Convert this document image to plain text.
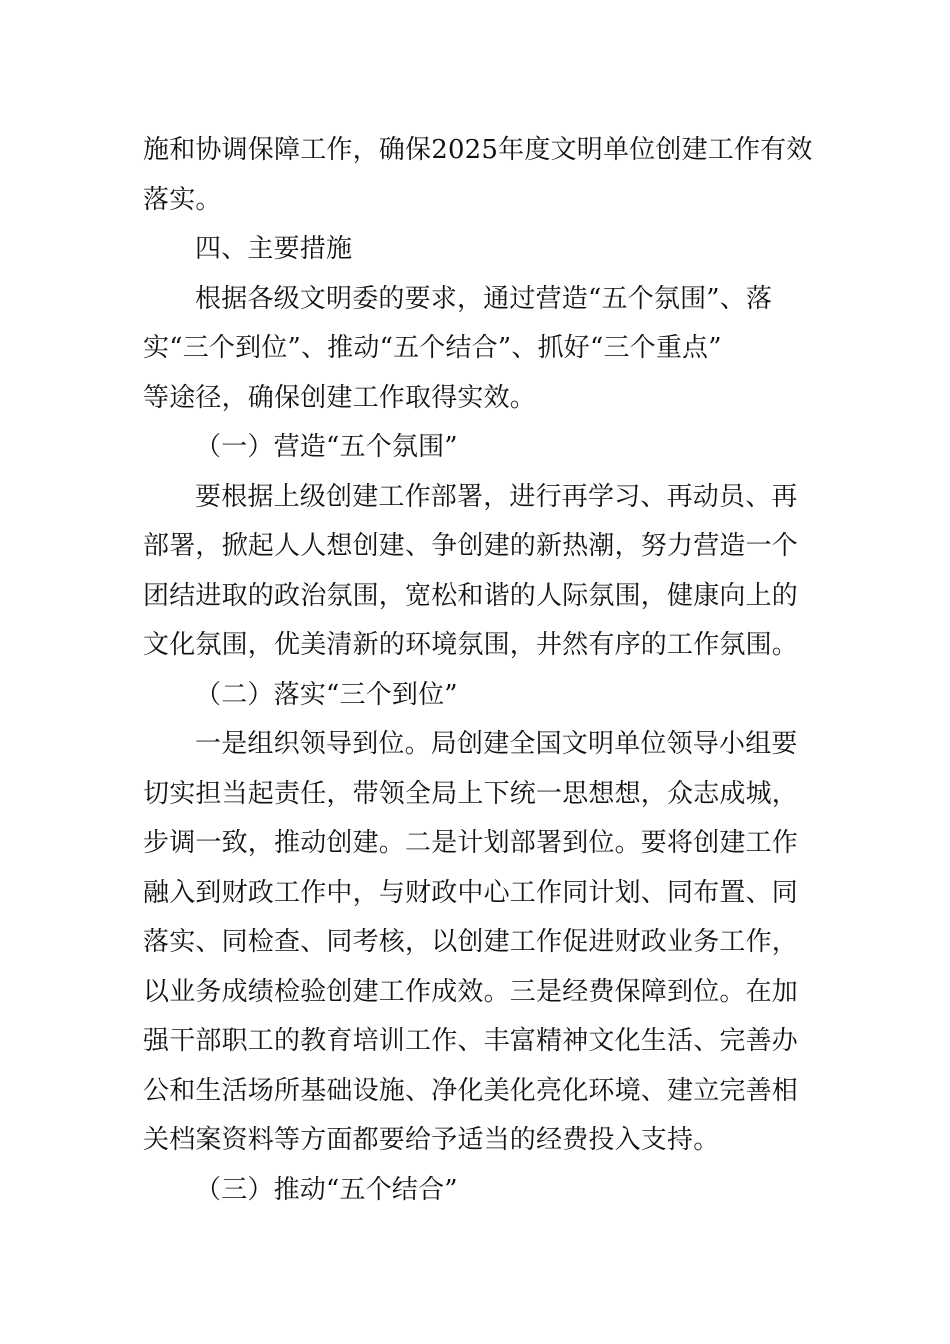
施和协调保障工作，确保2025年度文明单位创建工作有效
落实。
四、主要措施
根据各级文明委的要求，通过营造“五个氛围”、落
实“三个到位”、推动“五个结合”、抓好“三个重点”
等途径，确保创建工作取得实效。
（一）营造“五个氛围”
要根据上级创建工作部署，进行再学习、再动员、再
部署，掀起人人想创建、争创建的新热潮，努力营造一个
团结进取的政治氛围，宽松和谐的人际氛围，健康向上的
文化氛围，优美清新的环境氛围，井然有序的工作氛围。
（二）落实“三个到位”
一是组织领导到位。局创建全国文明单位领导小组要
切实担当起责任，带领全局上下统一思想想，众志成城，
步调一致，推动创建。二是计划部署到位。要将创建工作
融入到财政工作中，与财政中心工作同计划、同布置、同
落实、同检查、同考核，以创建工作促进财政业务工作，
以业务成绩检验创建工作成效。三是经费保障到位。在加
强干部职工的教育培训工作、丰富精神文化生活、完善办
公和生活场所基础设施、净化美化亮化环境、建立完善相
关档案资料等方面都要给予适当的经费投入支持。
（三）推动“五个结合”
